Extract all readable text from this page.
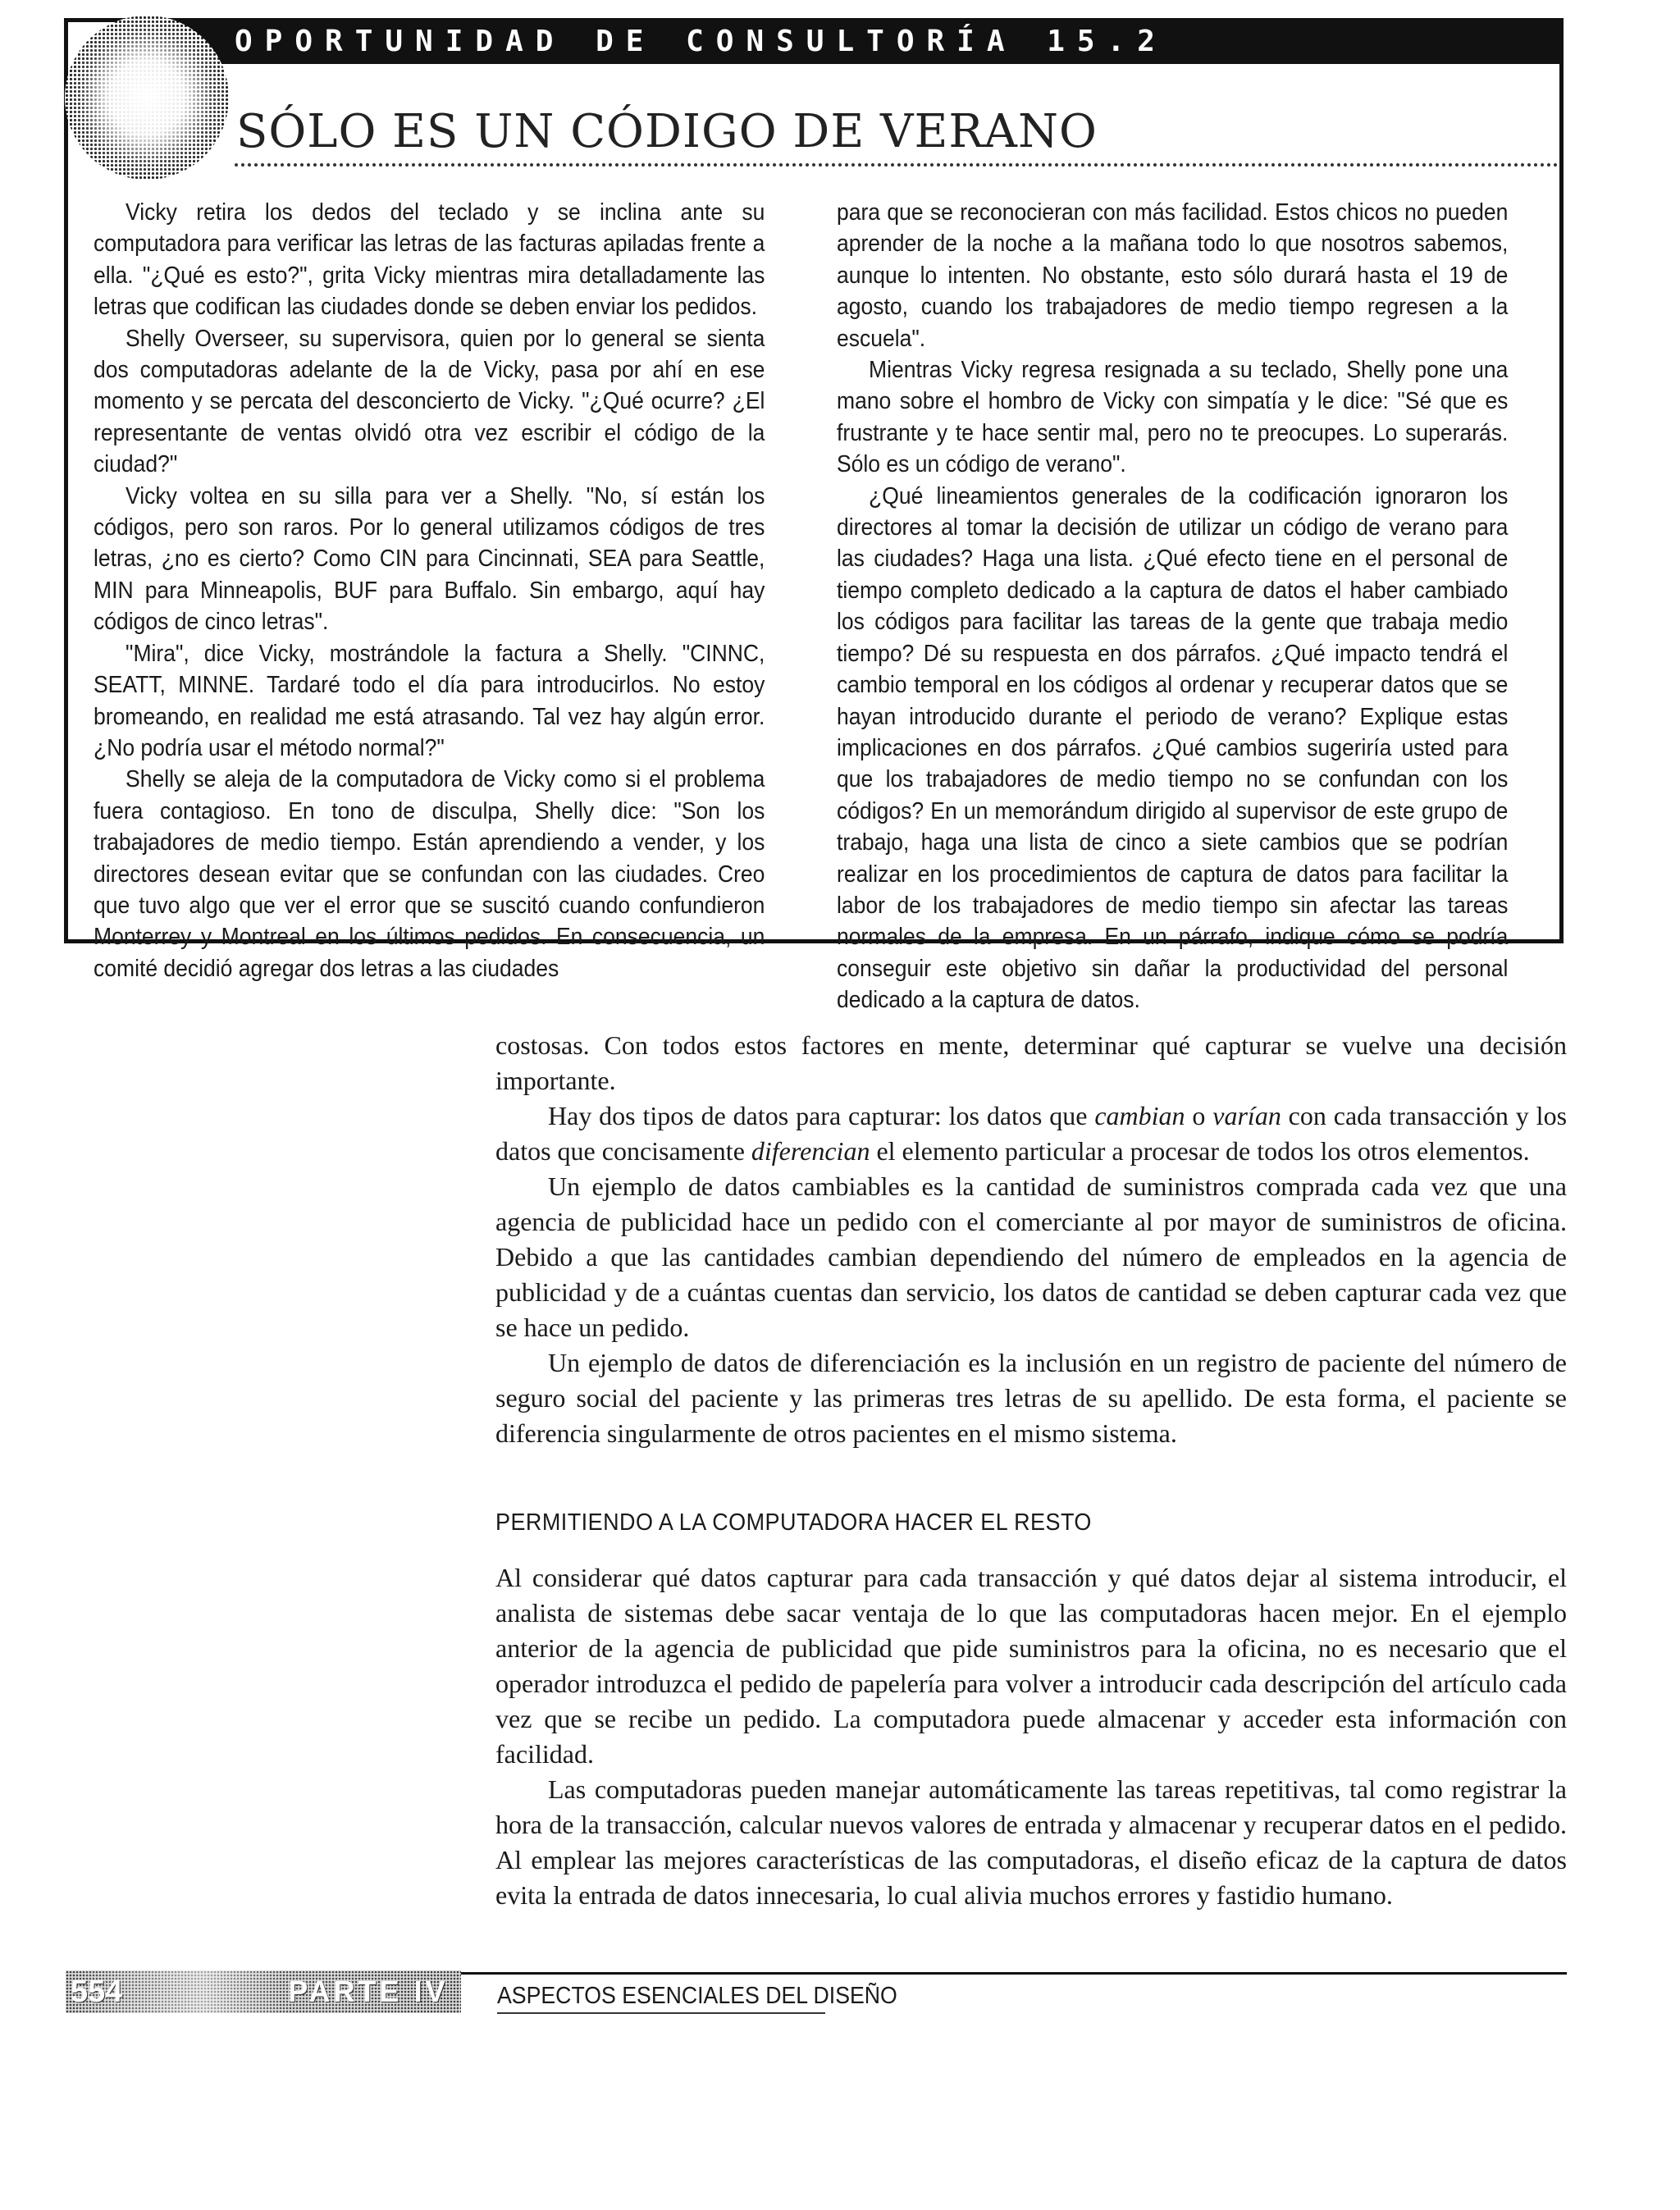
OPORTUNIDAD DE CONSULTORÍA 15.2
SÓLO ES UN CÓDIGO DE VERANO

Vicky retira los dedos del teclado y se inclina ante su computadora para verificar las letras de las facturas apiladas frente a ella. "¿Qué es esto?", grita Vicky mientras mira detalladamente las letras que codifican las ciudades donde se deben enviar los pedidos.

Shelly Overseer, su supervisora, quien por lo general se sienta dos computadoras adelante de la de Vicky, pasa por ahí en ese momento y se percata del desconcierto de Vicky. "¿Qué ocurre? ¿El representante de ventas olvidó otra vez escribir el código de la ciudad?"

Vicky voltea en su silla para ver a Shelly. "No, sí están los códigos, pero son raros. Por lo general utilizamos códigos de tres letras, ¿no es cierto? Como CIN para Cincinnati, SEA para Seattle, MIN para Minneapolis, BUF para Buffalo. Sin embargo, aquí hay códigos de cinco letras".

"Mira", dice Vicky, mostrándole la factura a Shelly. "CINNC, SEATT, MINNE. Tardaré todo el día para introducirlos. No estoy bromeando, en realidad me está atrasando. Tal vez hay algún error. ¿No podría usar el método normal?"

Shelly se aleja de la computadora de Vicky como si el problema fuera contagioso. En tono de disculpa, Shelly dice: "Son los trabajadores de medio tiempo. Están aprendiendo a vender, y los directores desean evitar que se confundan con las ciudades. Creo que tuvo algo que ver el error que se suscitó cuando confundieron Monterrey y Montreal en los últimos pedidos. En consecuencia, un comité decidió agregar dos letras a las ciudades

para que se reconocieran con más facilidad. Estos chicos no pueden aprender de la noche a la mañana todo lo que nosotros sabemos, aunque lo intenten. No obstante, esto sólo durará hasta el 19 de agosto, cuando los trabajadores de medio tiempo regresen a la escuela".

Mientras Vicky regresa resignada a su teclado, Shelly pone una mano sobre el hombro de Vicky con simpatía y le dice: "Sé que es frustrante y te hace sentir mal, pero no te preocupes. Lo superarás. Sólo es un código de verano".

¿Qué lineamientos generales de la codificación ignoraron los directores al tomar la decisión de utilizar un código de verano para las ciudades? Haga una lista. ¿Qué efecto tiene en el personal de tiempo completo dedicado a la captura de datos el haber cambiado los códigos para facilitar las tareas de la gente que trabaja medio tiempo? Dé su respuesta en dos párrafos. ¿Qué impacto tendrá el cambio temporal en los códigos al ordenar y recuperar datos que se hayan introducido durante el periodo de verano? Explique estas implicaciones en dos párrafos. ¿Qué cambios sugeriría usted para que los trabajadores de medio tiempo no se confundan con los códigos? En un memorándum dirigido al supervisor de este grupo de trabajo, haga una lista de cinco a siete cambios que se podrían realizar en los procedimientos de captura de datos para facilitar la labor de los trabajadores de medio tiempo sin afectar las tareas normales de la empresa. En un párrafo, indique cómo se podría conseguir este objetivo sin dañar la productividad del personal dedicado a la captura de datos.

costosas. Con todos estos factores en mente, determinar qué capturar se vuelve una decisión importante.

Hay dos tipos de datos para capturar: los datos que cambian o varían con cada transacción y los datos que concisamente diferencian el elemento particular a procesar de todos los otros elementos.

Un ejemplo de datos cambiables es la cantidad de suministros comprada cada vez que una agencia de publicidad hace un pedido con el comerciante al por mayor de suministros de oficina. Debido a que las cantidades cambian dependiendo del número de empleados en la agencia de publicidad y de a cuántas cuentas dan servicio, los datos de cantidad se deben capturar cada vez que se hace un pedido.

Un ejemplo de datos de diferenciación es la inclusión en un registro de paciente del número de seguro social del paciente y las primeras tres letras de su apellido. De esta forma, el paciente se diferencia singularmente de otros pacientes en el mismo sistema.

PERMITIENDO A LA COMPUTADORA HACER EL RESTO

Al considerar qué datos capturar para cada transacción y qué datos dejar al sistema introducir, el analista de sistemas debe sacar ventaja de lo que las computadoras hacen mejor. En el ejemplo anterior de la agencia de publicidad que pide suministros para la oficina, no es necesario que el operador introduzca el pedido de papelería para volver a introducir cada descripción del artículo cada vez que se recibe un pedido. La computadora puede almacenar y acceder esta información con facilidad.

Las computadoras pueden manejar automáticamente las tareas repetitivas, tal como registrar la hora de la transacción, calcular nuevos valores de entrada y almacenar y recuperar datos en el pedido. Al emplear las mejores características de las computadoras, el diseño eficaz de la captura de datos evita la entrada de datos innecesaria, lo cual alivia muchos errores y fastidio humano.

554	PARTE IV	ASPECTOS ESENCIALES DEL DISEÑO
